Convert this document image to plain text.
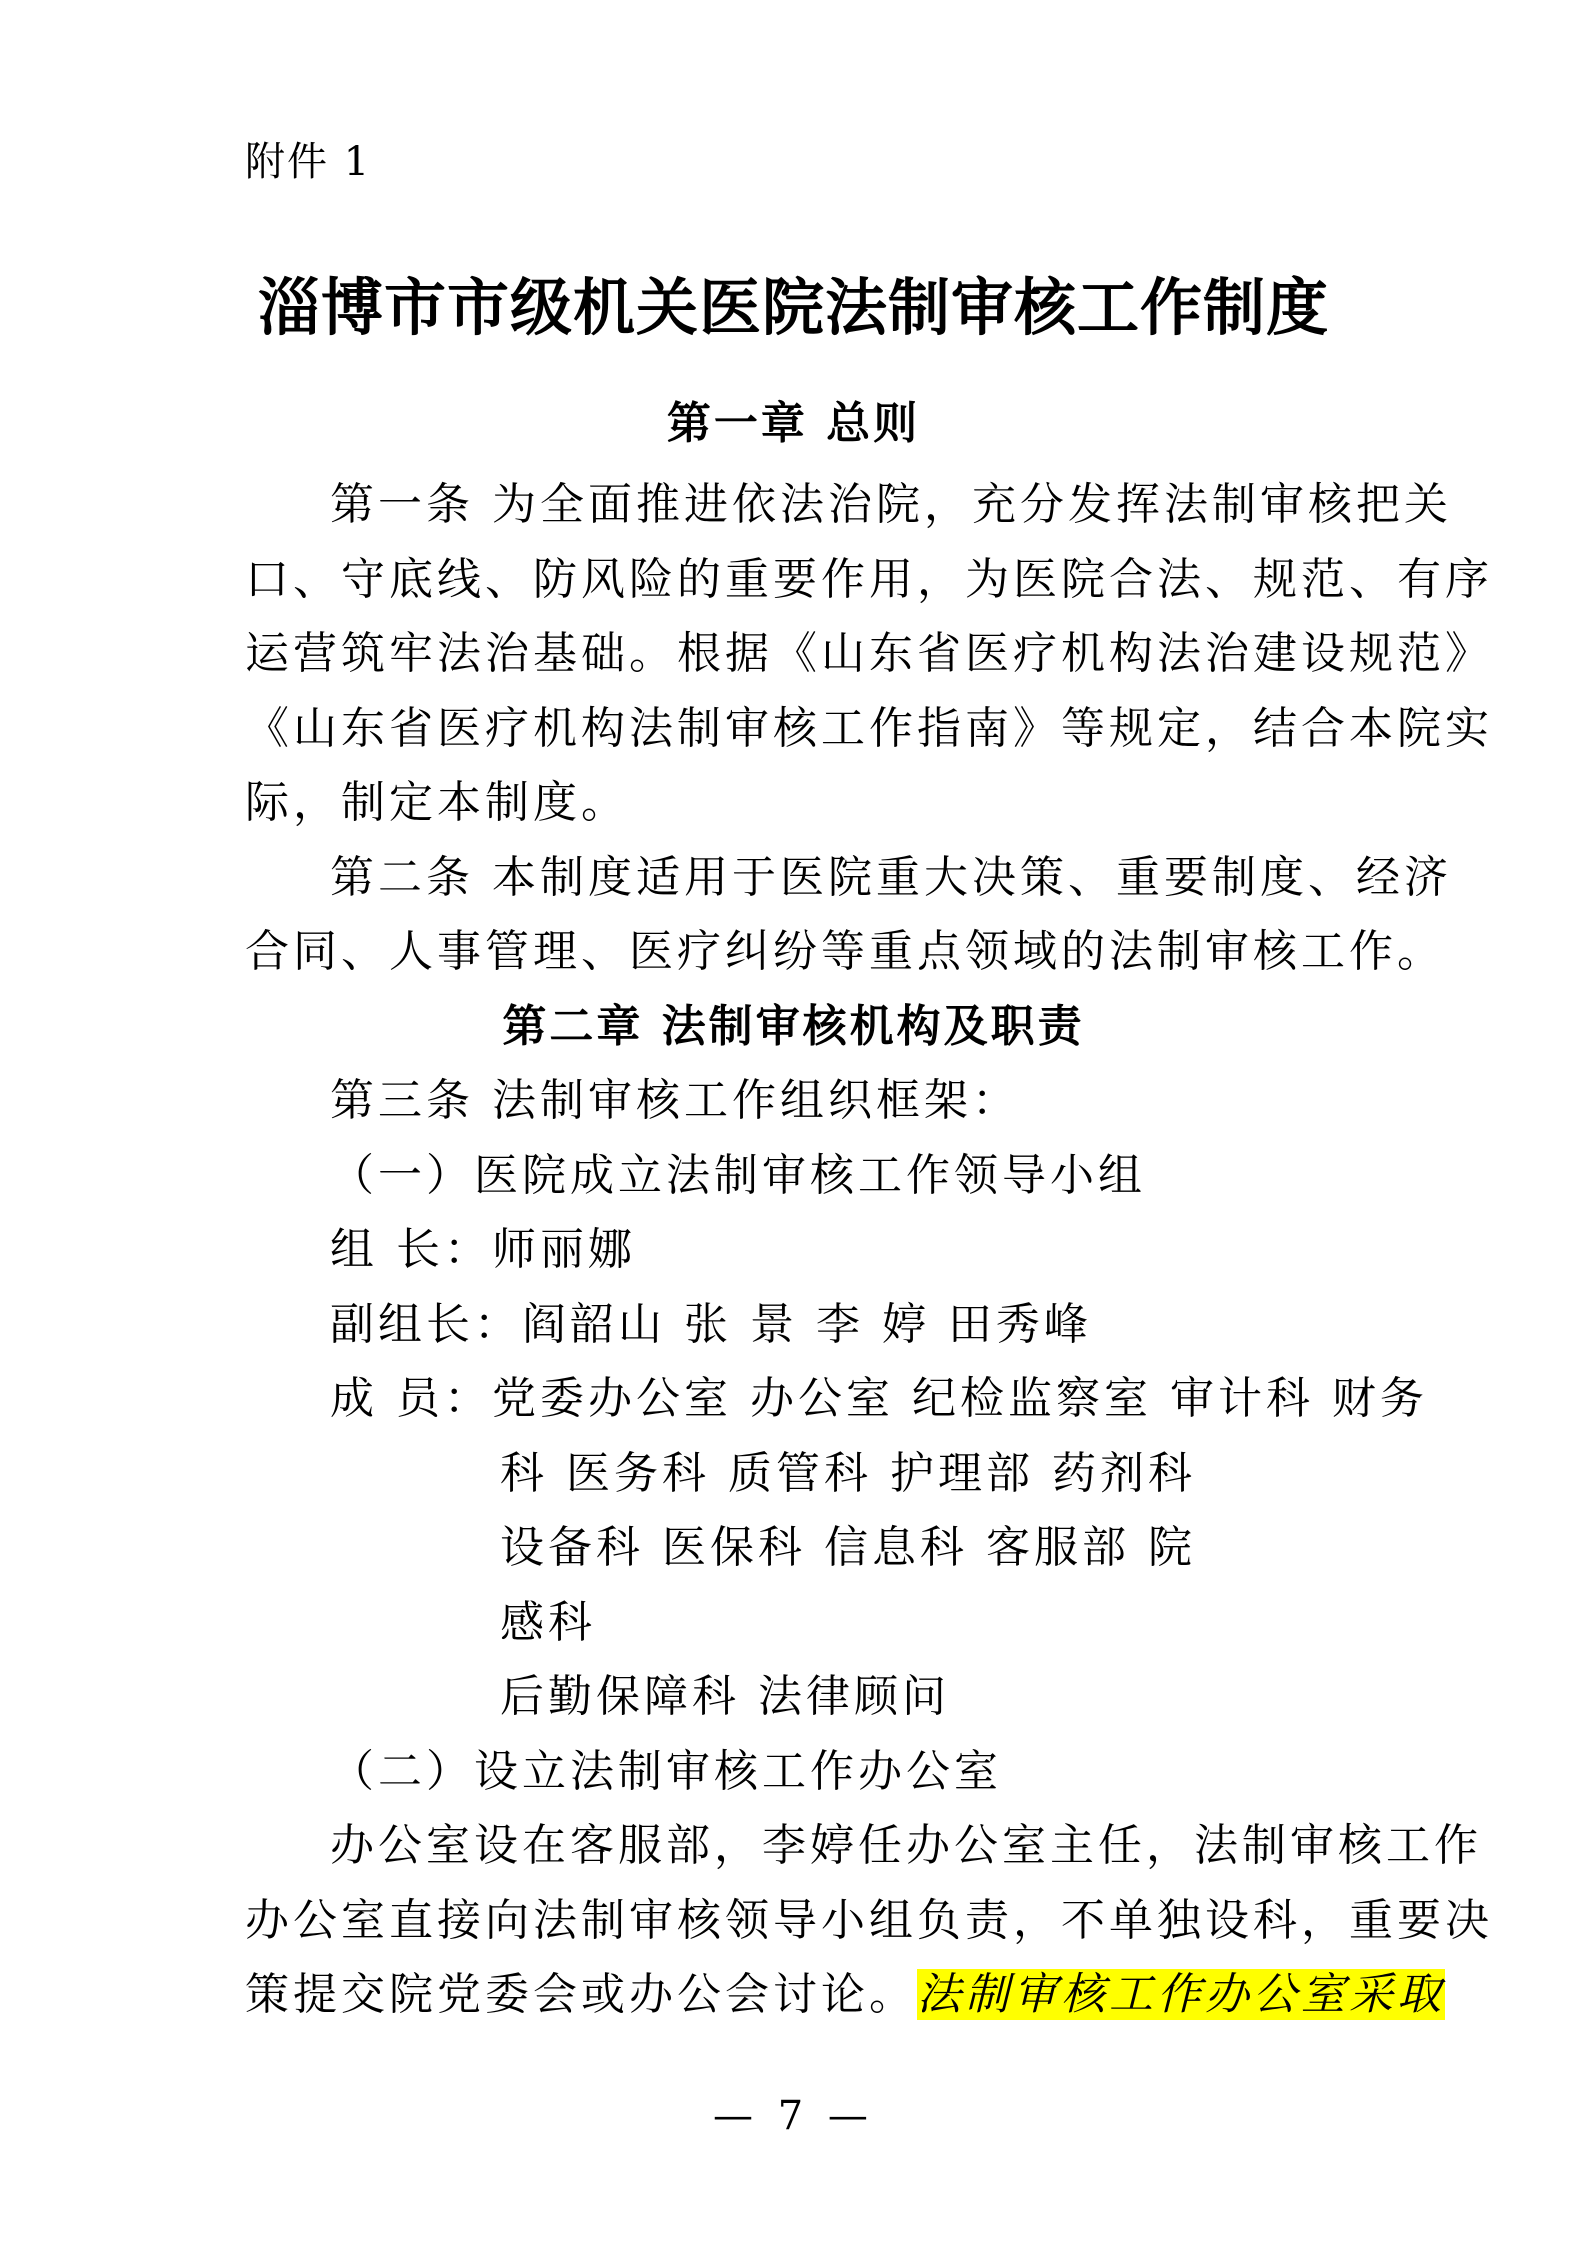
附件 1
淄博市市级机关医院法制审核工作制度
第一章 总则
第一条 为全面推进依法治院，充分发挥法制审核把关
口、守底线、防风险的重要作用，为医院合法、规范、有序
运营筑牢法治基础。根据《山东省医疗机构法治建设规范》
《山东省医疗机构法制审核工作指南》等规定，结合本院实
际，制定本制度。
第二条 本制度适用于医院重大决策、重要制度、经济
合同、人事管理、医疗纠纷等重点领域的法制审核工作。
第二章 法制审核机构及职责
第三条 法制审核工作组织框架：
（一）医院成立法制审核工作领导小组
组 长：师丽娜
副组长：阎韶山 张 景 李 婷 田秀峰
成 员：党委办公室 办公室 纪检监察室 审计科 财务
科 医务科 质管科 护理部 药剂科
设备科 医保科 信息科 客服部 院
感科
后勤保障科 法律顾问
（二）设立法制审核工作办公室
办公室设在客服部，李婷任办公室主任，法制审核工作
办公室直接向法制审核领导小组负责，不单独设科，重要决
策提交院党委会或办公会讨论。法制审核工作办公室采取
— 7 —
